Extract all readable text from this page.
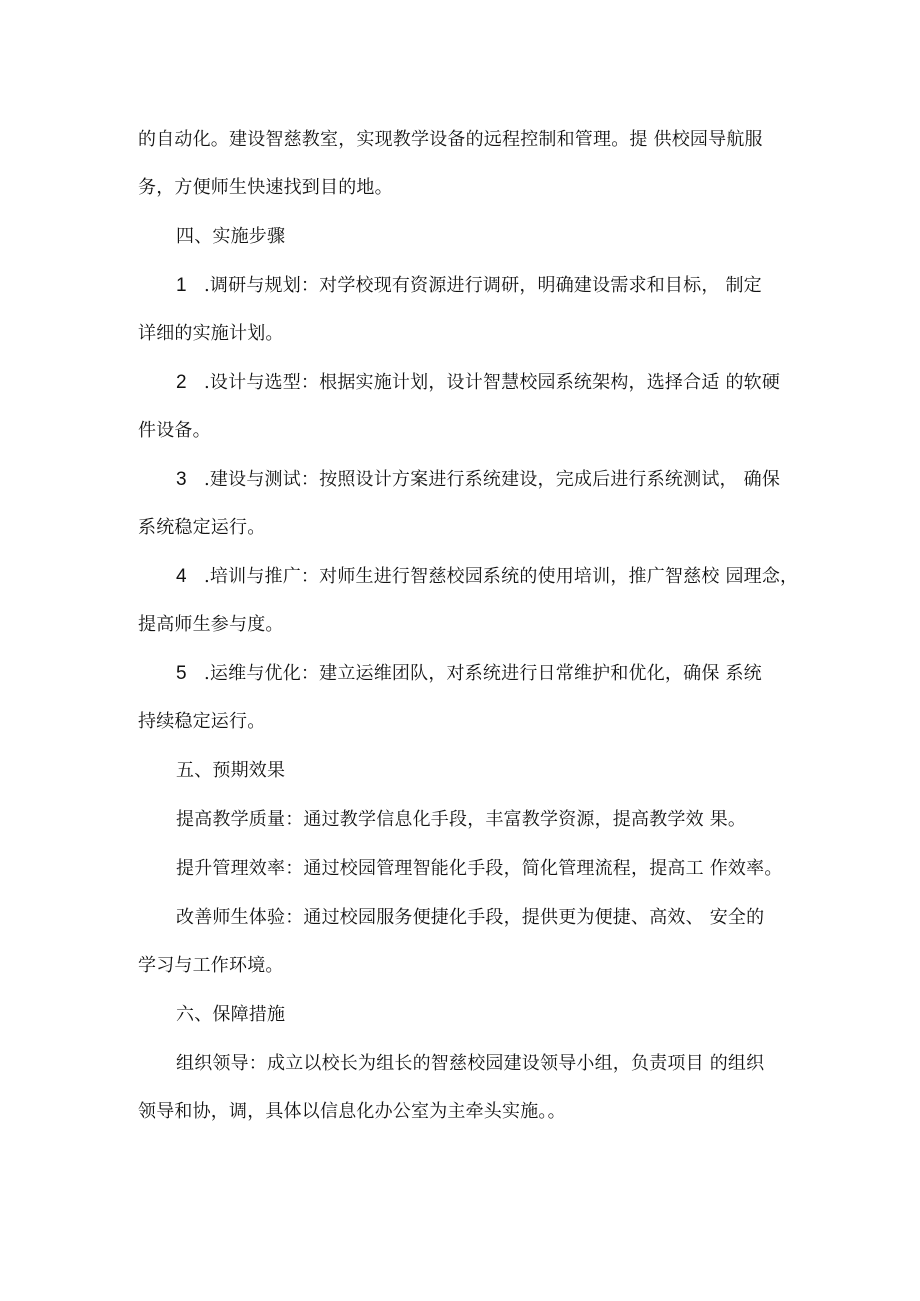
的自动化。建设智慈教室，实现教学设备的远程控制和管理。提 供校园导航服

务，方便师生快速找到目的地。

四、实施步骤

1 .调研与规划：对学校现有资源进行调研，明确建设需求和目标， 制定

详细的实施计划。

2 .设计与选型：根据实施计划，设计智慧校园系统架构，选择合适 的软硬

件设备。

3 .建设与测试：按照设计方案进行系统建设，完成后进行系统测试， 确保

系统稳定运行。

4 .培训与推广：对师生进行智慈校园系统的使用培训，推广智慈校 园理念，

提高师生参与度。

5 .运维与优化：建立运维团队，对系统进行日常维护和优化，确保 系统

持续稳定运行。

五、预期效果

提高教学质量：通过教学信息化手段，丰富教学资源，提高教学效 果。

提升管理效率：通过校园管理智能化手段，简化管理流程，提高工 作效率。

改善师生体验：通过校园服务便捷化手段，提供更为便捷、高效、 安全的

学习与工作环境。

六、保障措施

组织领导：成立以校长为组长的智慈校园建设领导小组，负责项目 的组织

领导和协，调，具体以信息化办公室为主牵头实施。。
